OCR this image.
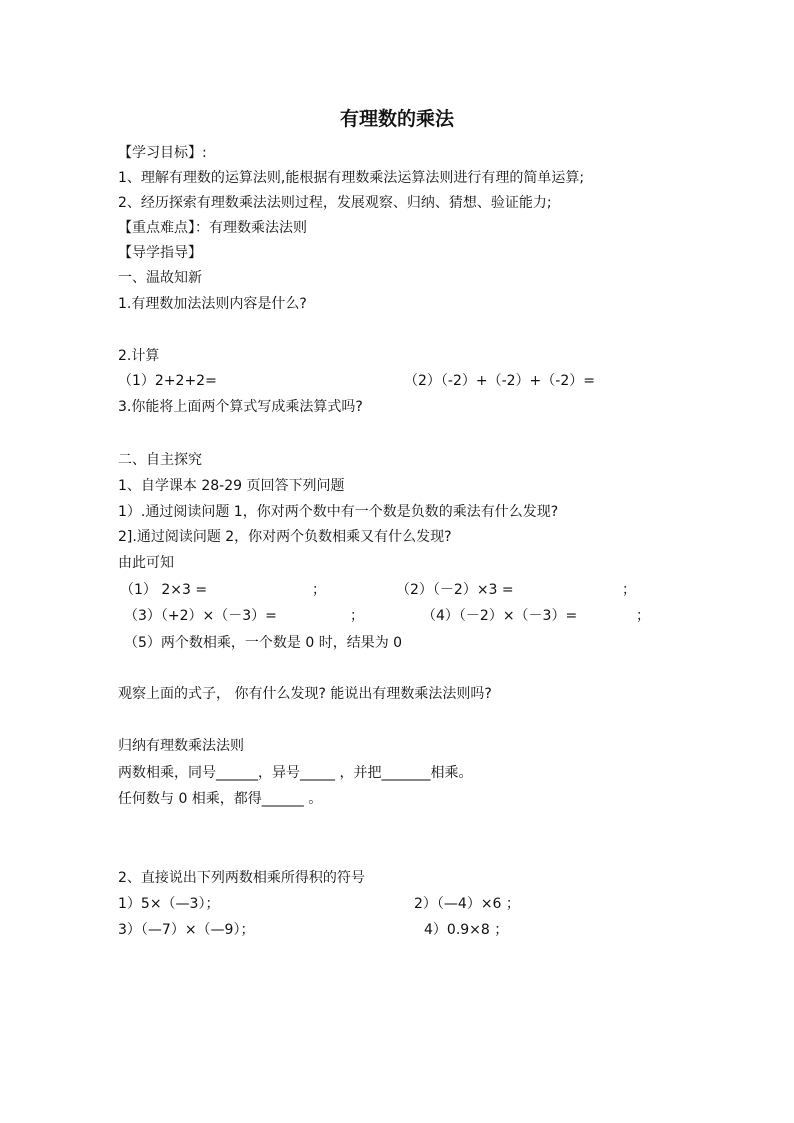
有理数的乘法
【学习目标】:
1、理解有理数的运算法则,能根据有理数乘法运算法则进行有理的简单运算;
2、经历探索有理数乘法法则过程，发展观察、归纳、猜想、验证能力;
【重点难点】：有理数乘法法则
【导学指导】
一、温故知新
1.有理数加法法则内容是什么?
2.计算
（1）2+2+2=	（2）（-2）+（-2）+（-2）=
3.你能将上面两个算式写成乘法算式吗?
二、自主探究
1、自学课本 28-29 页回答下列问题
1）.通过阅读问题 1，你对两个数中有一个数是负数的乘法有什么发现?
2].通过阅读问题 2，你对两个负数相乘又有什么发现?
由此可知
（1） 2×3 =	；	（2）（－2）×3 =	；
（3）（+2）×（－3）=	；	（4）（－2）×（－3）=	；
（5）两个数相乘，一个数是 0 时，结果为 0
观察上面的式子， 你有什么发现? 能说出有理数乘法法则吗?
归纳有理数乘法法则
两数相乘，同号______，异号_____ ，并把_______相乘。
任何数与 0 相乘，都得______ 。
2、直接说出下列两数相乘所得积的符号
1）5×（—3）；	2）（—4）×6 ；
3）（—7）×（—9）；	4）0.9×8 ；
